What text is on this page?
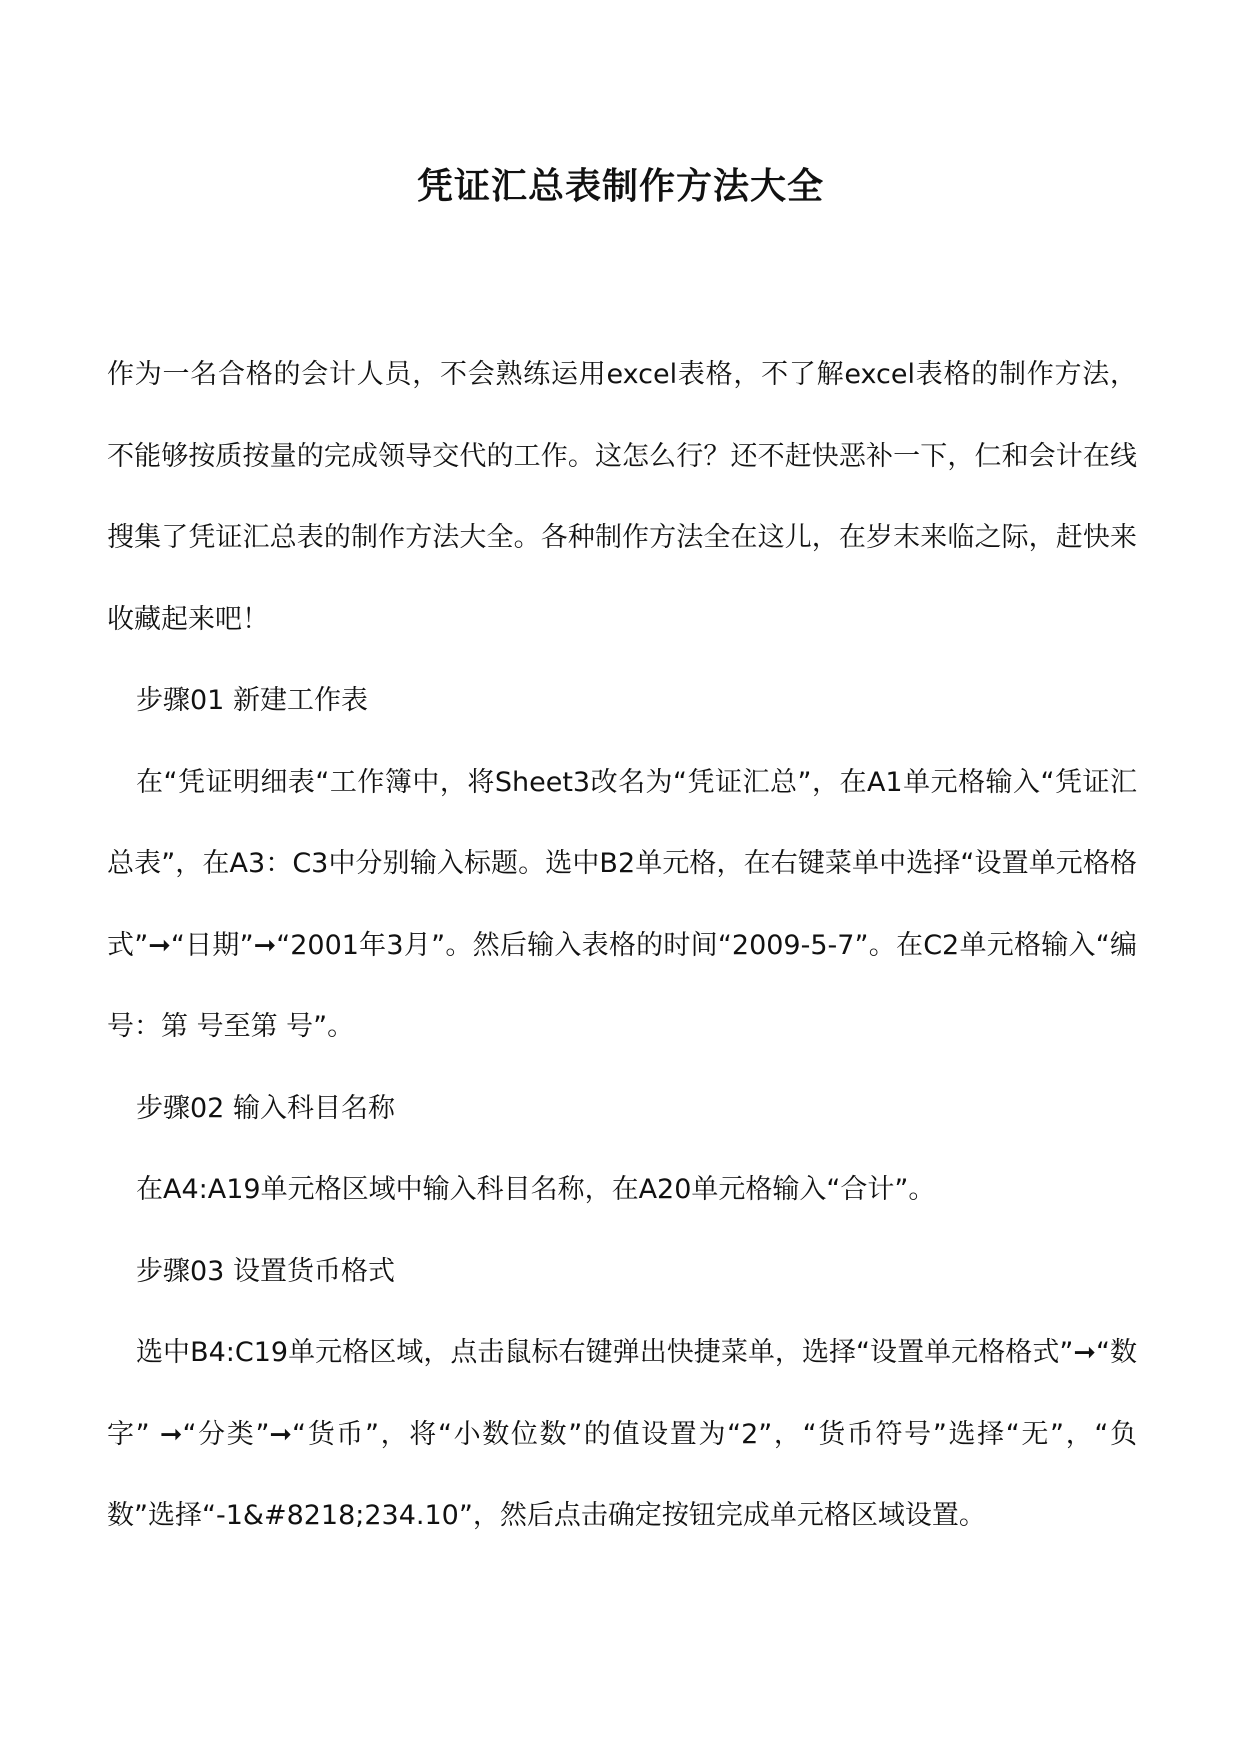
凭证汇总表制作方法大全

作为一名合格的会计人员，不会熟练运用excel表格，不了解excel表格的制作方法，不能够按质按量的完成领导交代的工作。这怎么行？还不赶快恶补一下，仁和会计在线搜集了凭证汇总表的制作方法大全。各种制作方法全在这儿，在岁末来临之际，赶快来收藏起来吧！

步骤01 新建工作表

在“凭证明细表“工作簿中，将Sheet3改名为“凭证汇总”，在A1单元格输入“凭证汇总表”，在A3：C3中分别输入标题。选中B2单元格，在右键菜单中选择“设置单元格格式”➞“日期”➞“2001年3月”。然后输入表格的时间“2009-5-7”。在C2单元格输入“编号：第 号至第 号”。

步骤02 输入科目名称

在A4:A19单元格区域中输入科目名称，在A20单元格输入“合计”。

步骤03 设置货币格式

选中B4:C19单元格区域，点击鼠标右键弹出快捷菜单，选择“设置单元格格式”➞“数字” ➞“分类”➞“货币”，将“小数位数”的值设置为“2”，“货币符号”选择“无”，“负数”选择“-1&#8218;234.10”，然后点击确定按钮完成单元格区域设置。
